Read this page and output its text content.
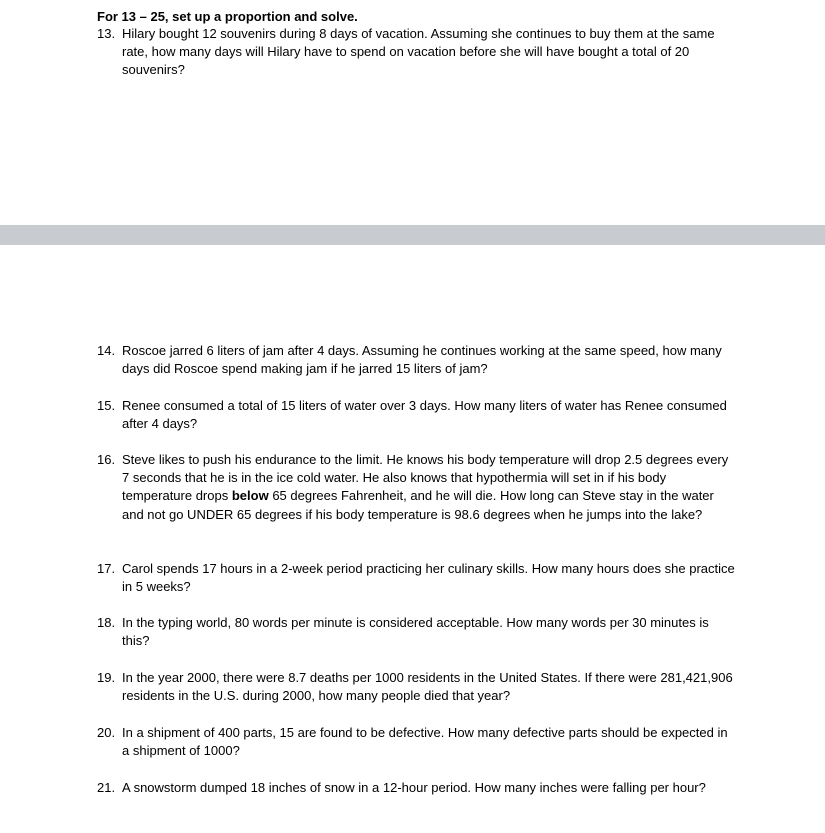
For 13 – 25, set up a proportion and solve.
13. Hilary bought 12 souvenirs during 8 days of vacation. Assuming she continues to buy them at the same rate, how many days will Hilary have to spend on vacation before she will have bought a total of 20 souvenirs?
14. Roscoe jarred 6 liters of jam after 4 days. Assuming he continues working at the same speed, how many days did Roscoe spend making jam if he jarred 15 liters of jam?
15. Renee consumed a total of 15 liters of water over 3 days. How many liters of water has Renee consumed after 4 days?
16. Steve likes to push his endurance to the limit. He knows his body temperature will drop 2.5 degrees every 7 seconds that he is in the ice cold water. He also knows that hypothermia will set in if his body temperature drops below 65 degrees Fahrenheit, and he will die. How long can Steve stay in the water and not go UNDER 65 degrees if his body temperature is 98.6 degrees when he jumps into the lake?
17. Carol spends 17 hours in a 2-week period practicing her culinary skills. How many hours does she practice in 5 weeks?
18. In the typing world, 80 words per minute is considered acceptable. How many words per 30 minutes is this?
19. In the year 2000, there were 8.7 deaths per 1000 residents in the United States. If there were 281,421,906 residents in the U.S. during 2000, how many people died that year?
20. In a shipment of 400 parts, 15 are found to be defective. How many defective parts should be expected in a shipment of 1000?
21. A snowstorm dumped 18 inches of snow in a 12-hour period. How many inches were falling per hour?
